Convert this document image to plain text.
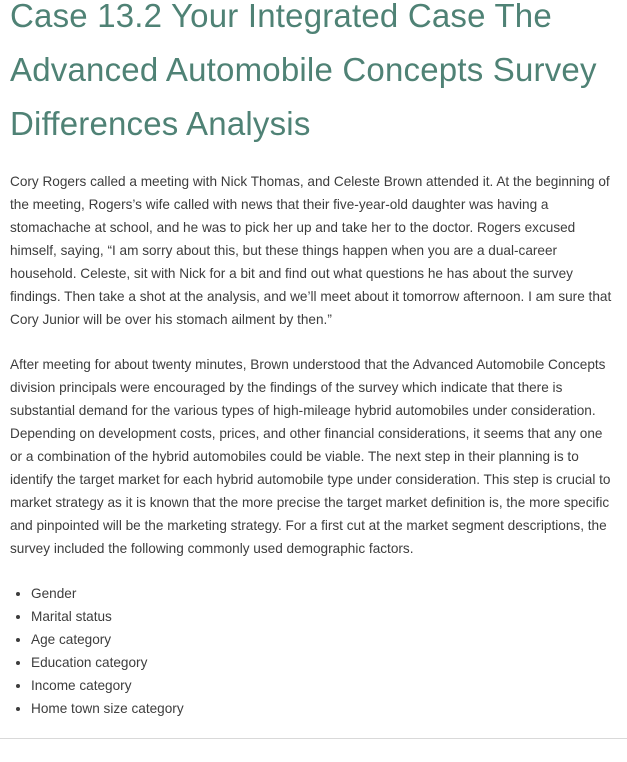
Case 13.2 Your Integrated Case The Advanced Automobile Concepts Survey Differences Analysis

Cory Rogers called a meeting with Nick Thomas, and Celeste Brown attended it. At the beginning of the meeting, Rogers’s wife called with news that their five-year-old daughter was having a stomachache at school, and he was to pick her up and take her to the doctor. Rogers excused himself, saying, “I am sorry about this, but these things happen when you are a dual-career household. Celeste, sit with Nick for a bit and find out what questions he has about the survey findings. Then take a shot at the analysis, and we’ll meet about it tomorrow afternoon. I am sure that Cory Junior will be over his stomach ailment by then.”

After meeting for about twenty minutes, Brown understood that the Advanced Automobile Concepts division principals were encouraged by the findings of the survey which indicate that there is substantial demand for the various types of high-mileage hybrid automobiles under consideration. Depending on development costs, prices, and other financial considerations, it seems that any one or a combination of the hybrid automobiles could be viable. The next step in their planning is to identify the target market for each hybrid automobile type under consideration. This step is crucial to market strategy as it is known that the more precise the target market definition is, the more specific and pinpointed will be the marketing strategy. For a first cut at the market segment descriptions, the survey included the following commonly used demographic factors.

• Gender
• Marital status
• Age category
• Education category
• Income category
• Home town size category
